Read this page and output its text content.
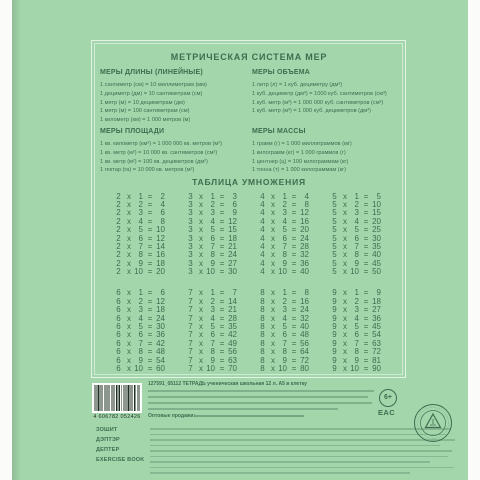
МЕТРИЧЕСКАЯ СИСТЕМА МЕР
МЕРЫ ДЛИНЫ (ЛИНЕЙНЫЕ)
1 сантиметр (см) = 10 миллиметрам (мм)
1 дециметр (дм) = 10 сантиметрам (см)
1 метр (м) = 10 дециметрам (дм)
1 метр (м) = 100 сантиметрам (см)
1 километр (км) = 1 000 метров (м)
МЕРЫ ОБЪЕМА
1 литр (л) = 1 куб. дециметру (дм³)
1 куб. дециметр (дм³) = 1000 куб. сантиметров (см³)
1 куб. метр (м³) = 1 000 000 куб. сантиметров (см³)
1 куб. метр (м³) = 1 000 куб. дециметров (дм³)
МЕРЫ ПЛОЩАДИ
1 кв. километр (км²) = 1 000 000 кв. метров (м²)
1 кв. метр (м²) = 10 000 кв. сантиметров (см²)
1 кв. метр (м²) = 100 кв. дециметров (дм²)
1 гектар (га) = 10 000 кв. метров (м²)
МЕРЫ МАССЫ
1 грамм (г) = 1 000 миллиграммов (мг)
1 килограмм (кг) = 1 000 граммов (г)
1 центнер (ц) = 100 килограммам (кг)
1 тонна (т) = 1 000 килограммам (кг)
ТАБЛИЦА УМНОЖЕНИЯ
2 x 1 =	2
2 x 2 =	4
2 x 3 =	6
2 x 4 =	8
2 x 5 = 10
2 x 6 = 12
2 x 7 = 14
2 x 8 = 16
2 x 9 = 18
2 x 10 = 20
3 x 1 =	3
3 x 2 =	6
3 x 3 =	9
3 x 4 = 12
3 x 5 = 15
3 x 6 = 18
3 x 7 = 21
3 x 8 = 24
3 x 9 = 27
3 x 10 = 30
4 x 1 =	4
4 x 2 =	8
4 x 3 = 12
4 x 4 = 16
4 x 5 = 20
4 x 6 = 24
4 x 7 = 28
4 x 8 = 32
4 x 9 = 36
4 x 10 = 40
5 x 1 =	5
5 x 2 = 10
5 x 3 = 15
5 x 4 = 20
5 x 5 = 25
5 x 6 = 30
5 x 7 = 35
5 x 8 = 40
5 x 9 = 45
5 x 10 = 50
6 x 1 =	6
6 x 2 = 12
6 x 3 = 18
6 x 4 = 24
6 x 5 = 30
6 x 6 = 36
6 x 7 = 42
6 x 8 = 48
6 x 9 = 54
6 x 10 = 60
7 x 1 =	7
7 x 2 = 14
7 x 3 = 21
7 x 4 = 28
7 x 5 = 35
7 x 6 = 42
7 x 7 = 49
7 x 8 = 56
7 x 9 = 63
7 x 10 = 70
8 x 1 =	8
8 x 2 = 16
8 x 3 = 24
8 x 4 = 32
8 x 5 = 40
8 x 6 = 48
8 x 7 = 56
8 x 8 = 64
8 x 9 = 72
8 x 10 = 80
9 x 1 =	9
9 x 2 = 18
9 x 3 = 27
9 x 4 = 36
9 x 5 = 45
9 x 6 = 54
9 x 7 = 63
9 x 8 = 72
9 x 9 = 81
9 x 10 = 90
4 606782 052426
127591_05112 ТЕТРАДЬ ученическая школьная 12 л. А5 в клетку
Оптовые продажи:
6+
EAC
ЗОШИТ
ДЭПТЭР
ДЕПТЕР
EXERCISE BOOK
